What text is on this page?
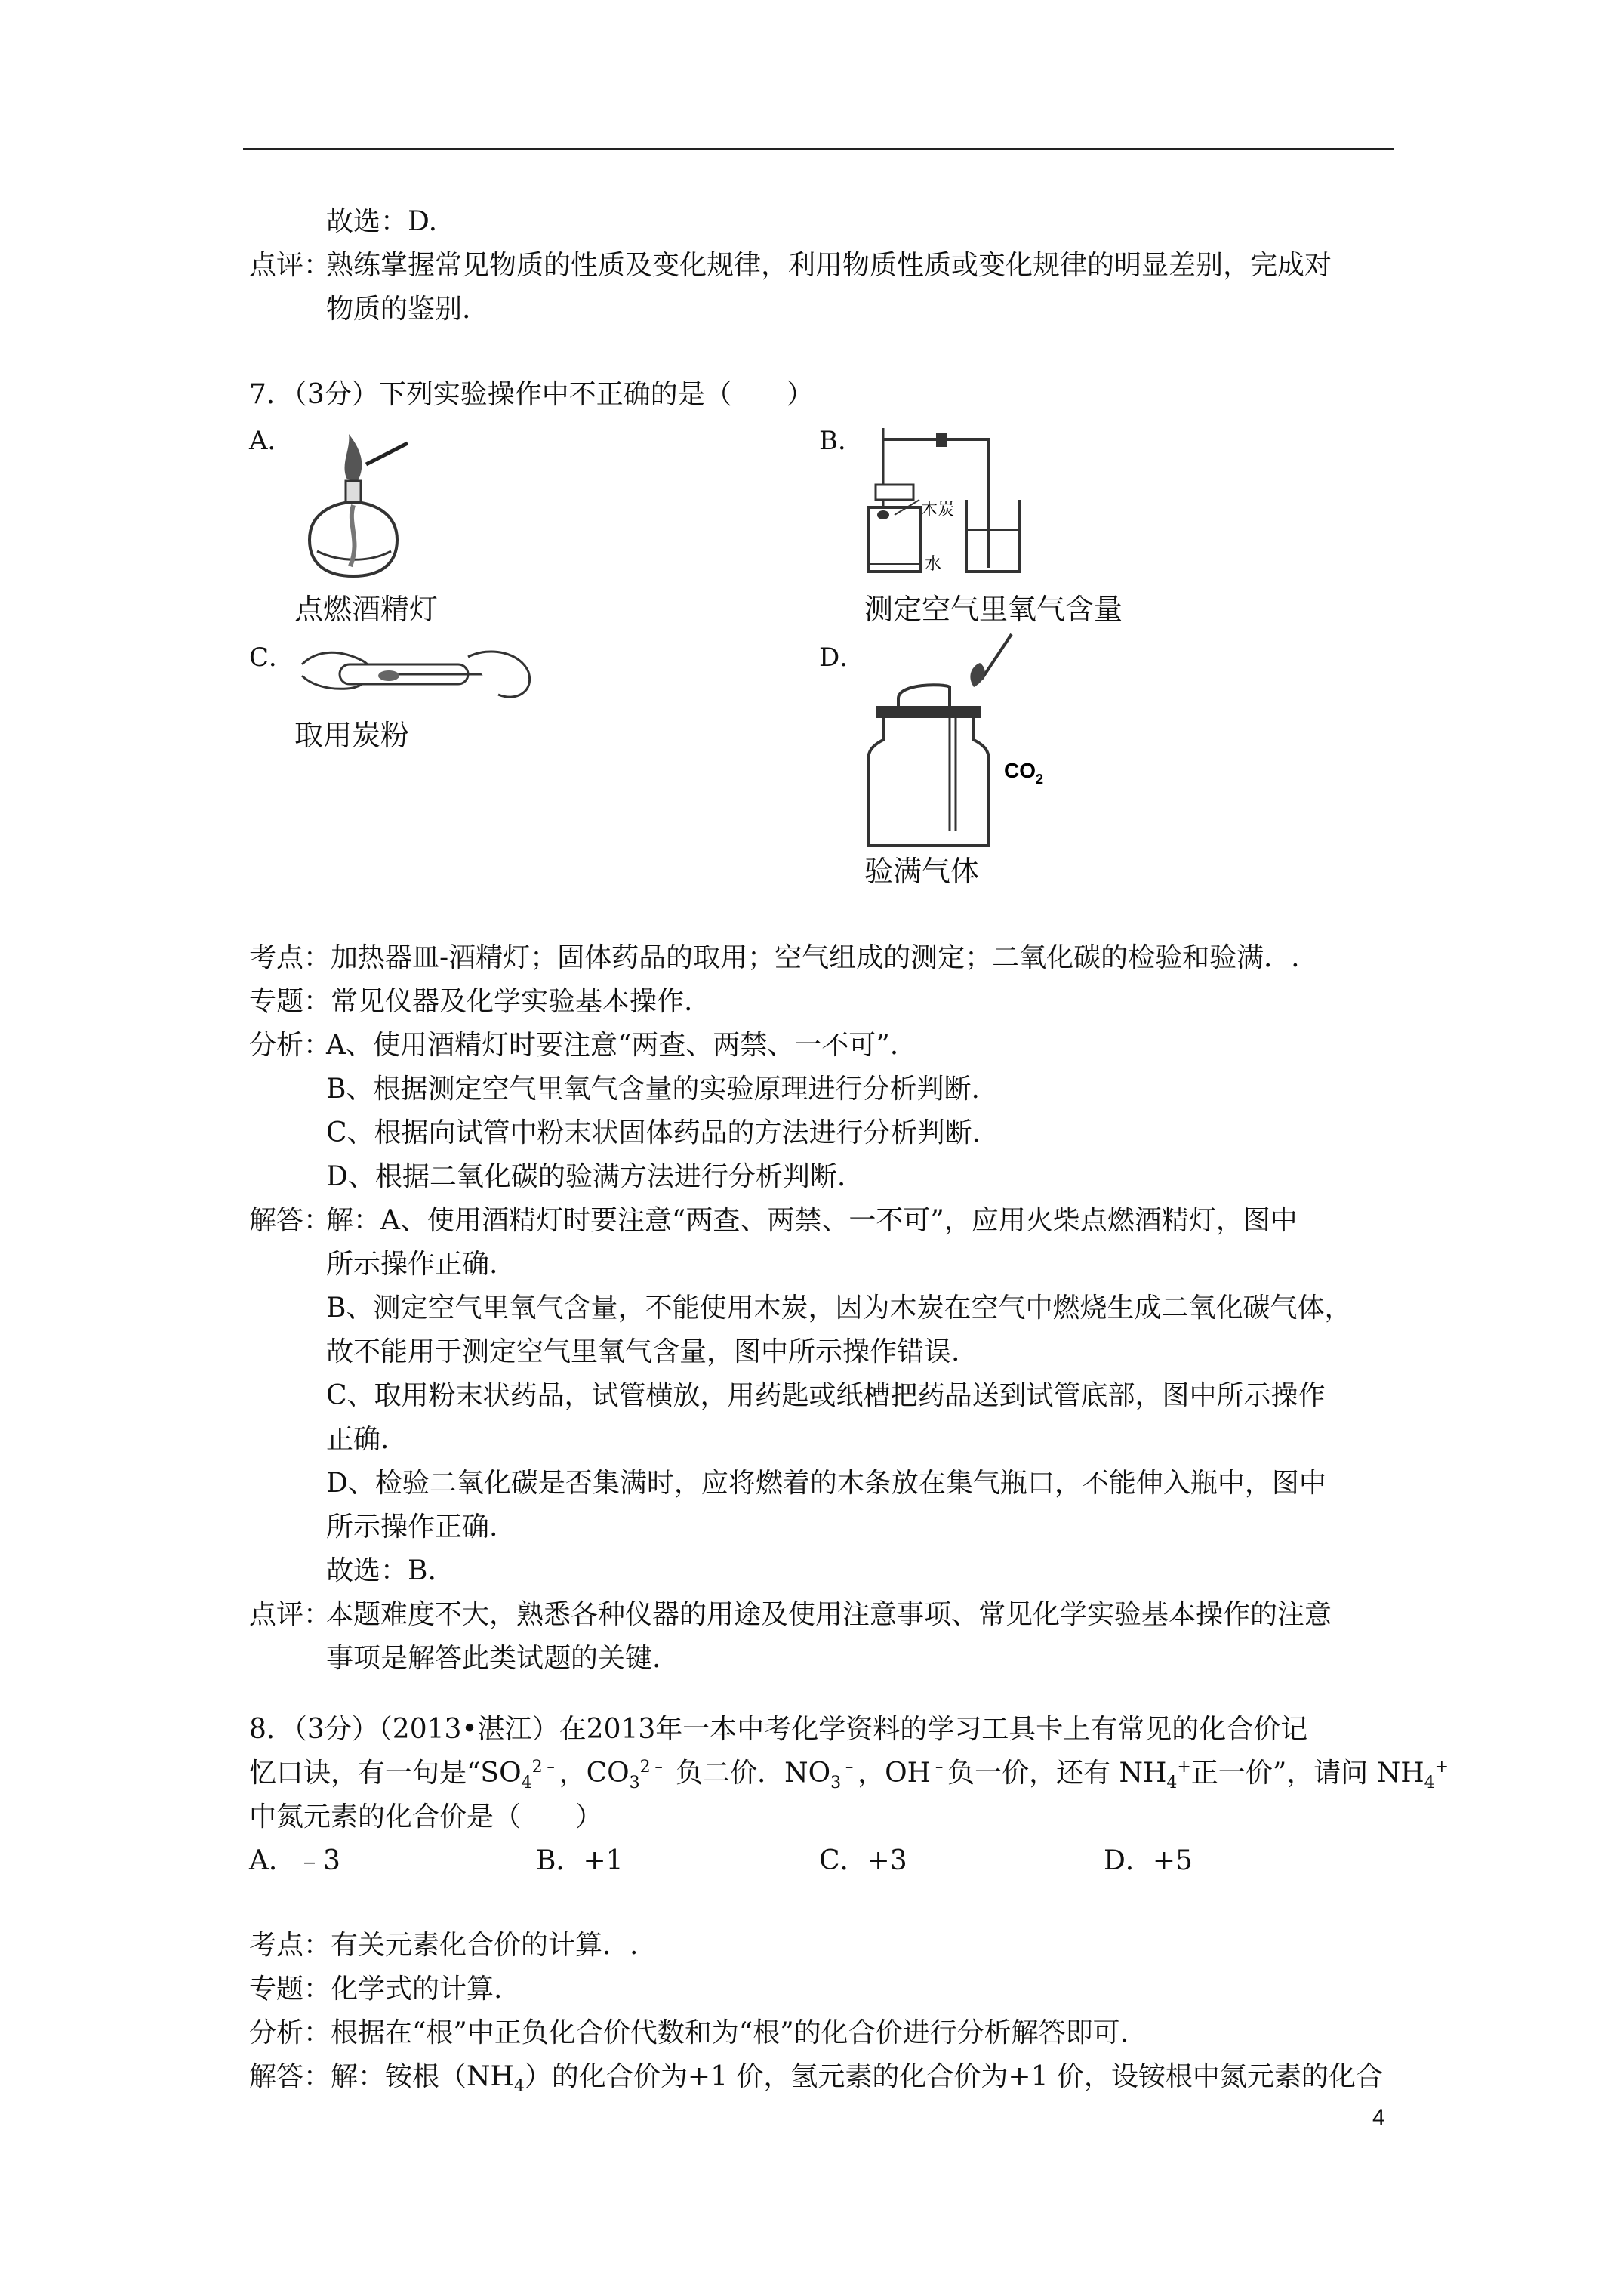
故选：D.
点评：
熟练掌握常见物质的性质及变化规律，利用物质性质或变化规律的明显差别，完成对
物质的鉴别.
7．（3分）下列实验操作中不正确的是（　　）
A．	B．
点燃酒精灯
木炭
水
测定空气里氧气含量
C．	D．
取用炭粉
$CO_2$
验满气体
考点：加热器皿-酒精灯；固体药品的取用；空气组成的测定；二氧化碳的检验和验满．.
专题：常见仪器及化学实验基本操作.
分析：
A、使用酒精灯时要注意“两查、两禁、一不可”.
B、根据测定空气里氧气含量的实验原理进行分析判断.
C、根据向试管中粉末状固体药品的方法进行分析判断.
D、根据二氧化碳的验满方法进行分析判断.
解答：
解：A、使用酒精灯时要注意“两查、两禁、一不可”，应用火柴点燃酒精灯，图中
所示操作正确.
B、测定空气里氧气含量，不能使用木炭，因为木炭在空气中燃烧生成二氧化碳气体，
故不能用于测定空气里氧气含量，图中所示操作错误.
C、取用粉末状药品，试管横放，用药匙或纸槽把药品送到试管底部，图中所示操作
正确.
D、检验二氧化碳是否集满时，应将燃着的木条放在集气瓶口，不能伸入瓶中，图中
所示操作正确.
故选：B.
点评：
本题难度不大，熟悉各种仪器的用途及使用注意事项、常见化学实验基本操作的注意
事项是解答此类试题的关键.
8．（3分）（2013•湛江）在2013年一本中考化学资料的学习工具卡上有常见的化合价记
忆口诀，有一句是“$SO_4^{2﹣}$，$CO_3^{2﹣}$ 负二价．$NO_3^﹣$，OH﹣负一价，还有 $NH_4^+$正一价”，请问 $NH_4^+$
中氮元素的化合价是（　　）
A．﹣3	B．+1	C．+3	D．+5
考点：有关元素化合价的计算．.
专题：化学式的计算.
分析：根据在“根”中正负化合价代数和为“根”的化合价进行分析解答即可.
解答：解：铵根$(NH_4)$的化合价为+1 价，氢元素的化合价为+1 价，设铵根中氮元素的化合
4
